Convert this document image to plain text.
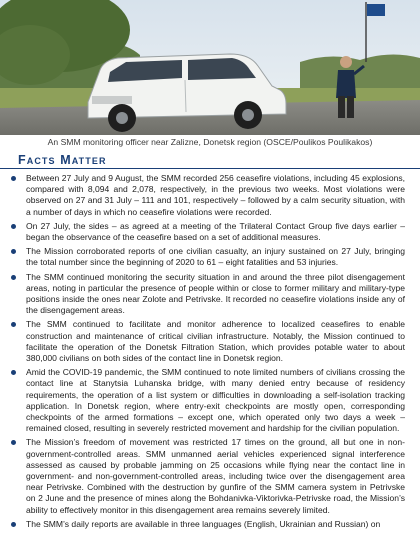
An SMM monitoring officer near Zalizne, Donetsk region (OSCE/Poulikos Poulikakos)
Facts Matter
Between 27 July and 9 August, the SMM recorded 256 ceasefire violations, including 45 explosions, compared with 8,094 and 2,078, respectively, in the previous two weeks. Most violations were observed on 27 and 31 July – 111 and 101, respectively – followed by a calm security situation, with a number of days in which no ceasefire violations were recorded.
On 27 July, the sides – as agreed at a meeting of the Trilateral Contact Group five days earlier – began the observance of the ceasefire based on a set of additional measures.
The Mission corroborated reports of one civilian casualty, an injury sustained on 27 July, bringing the total number since the beginning of 2020 to 61 – eight fatalities and 53 injuries.
The SMM continued monitoring the security situation in and around the three pilot disengagement areas, noting in particular the presence of people within or close to former military and military-type positions inside the ones near Zolote and Petrivske. It recorded no ceasefire violations inside any of the disengagement areas.
The SMM continued to facilitate and monitor adherence to localized ceasefires to enable construction and maintenance of critical civilian infrastructure. Notably, the Mission continued to facilitate the operation of the Donetsk Filtration Station, which provides potable water to about 380,000 civilians on both sides of the contact line in Donetsk region.
Amid the COVID-19 pandemic, the SMM continued to note limited numbers of civilians crossing the contact line at Stanytsia Luhanska bridge, with many denied entry because of residency requirements, the operation of a list system or difficulties in downloading a self-isolation tracking application. In Donetsk region, where entry-exit checkpoints are mostly open, corresponding checkpoints of the armed formations – except one, which operated only two days a week – remained closed, resulting in severely restricted movement and hardship for the civilian population.
The Mission’s freedom of movement was restricted 17 times on the ground, all but one in non-government-controlled areas. SMM unmanned aerial vehicles experienced signal interference assessed as caused by probable jamming on 25 occasions while flying near the contact line in government- and non-government-controlled areas, including twice over the disengagement area near Petrivske. Combined with the destruction by gunfire of the SMM camera system in Petrivske on 2 June and the presence of mines along the Bohdanivka-Viktorivka-Petrivske road, the Mission’s ability to effectively monitor in this disengagement area remains severely limited.
The SMM’s daily reports are available in three languages (English, Ukrainian and Russian) on
